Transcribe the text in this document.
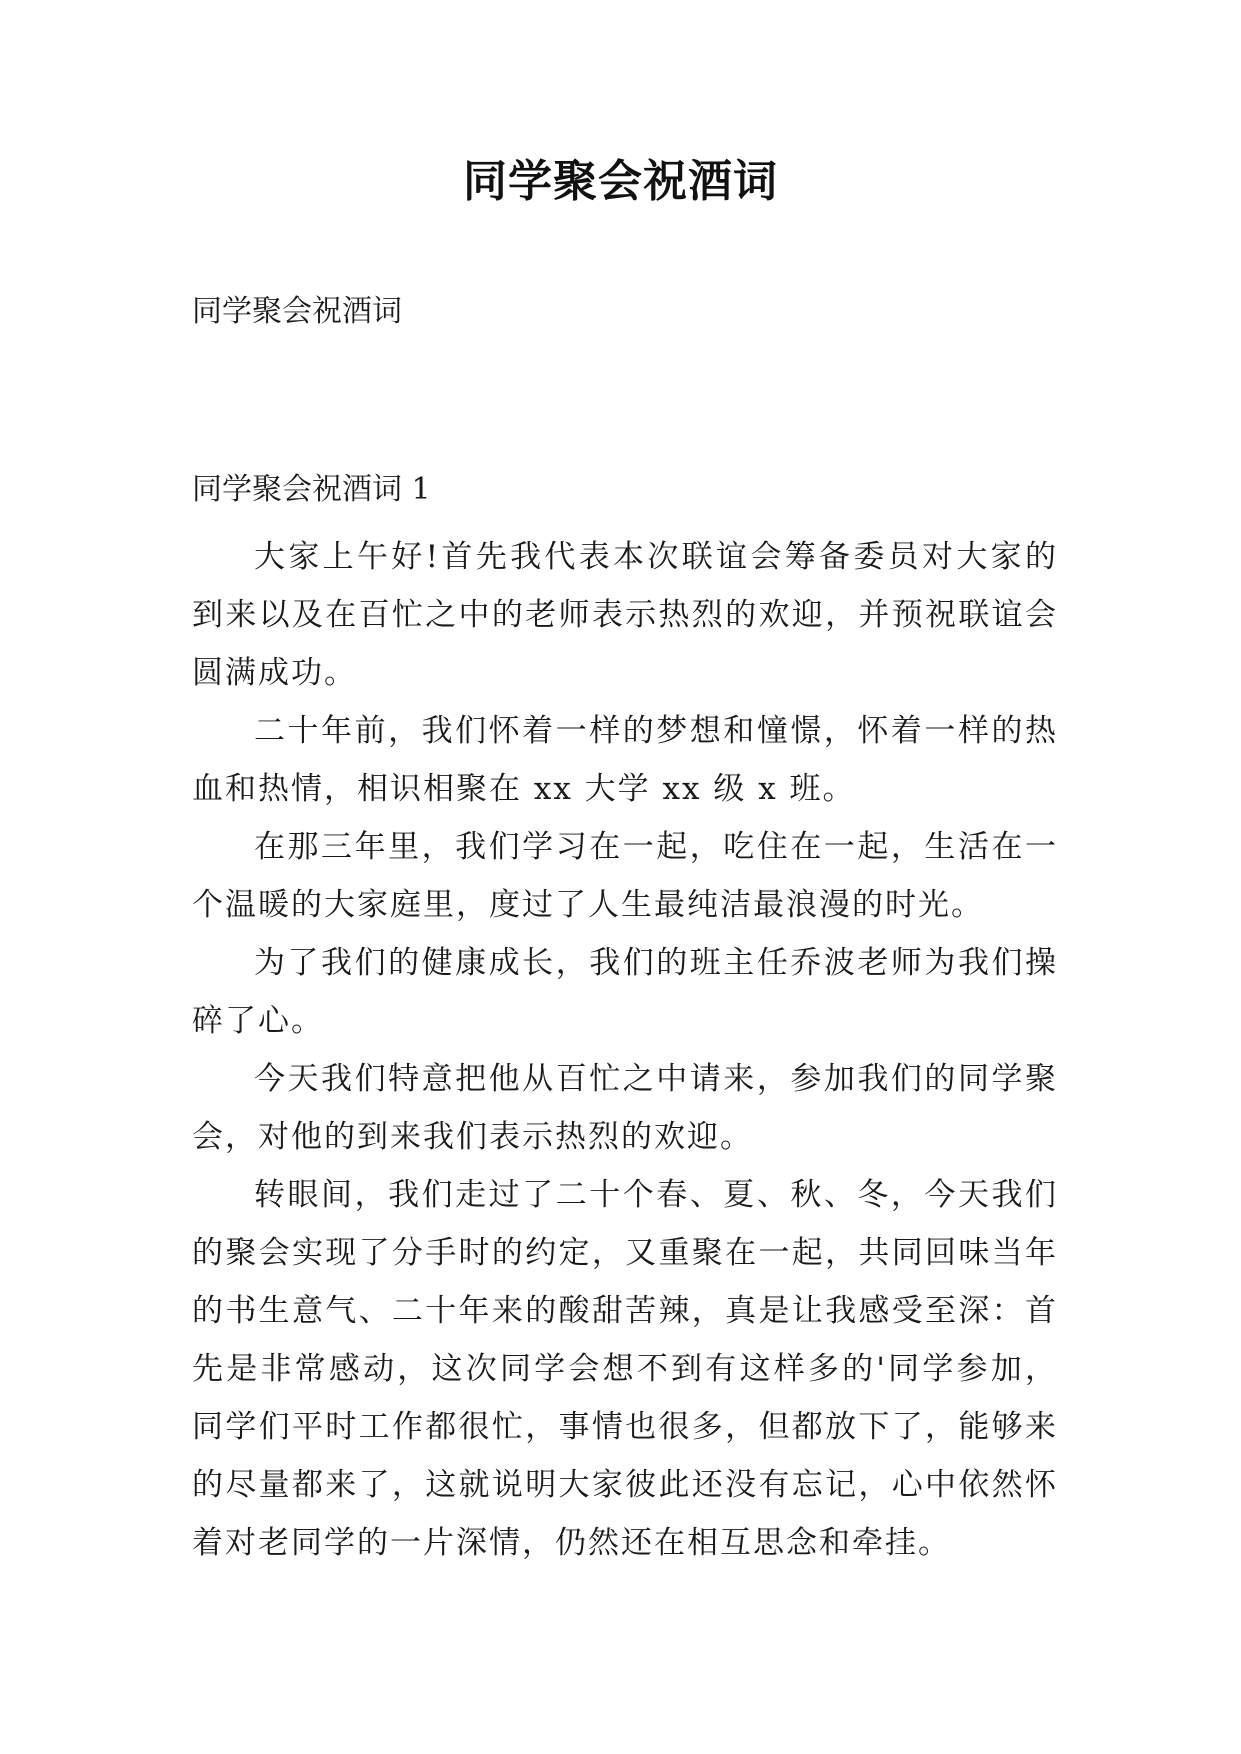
同学聚会祝酒词
同学聚会祝酒词
同学聚会祝酒词 1

大家上午好!首先我代表本次联谊会筹备委员对大家的到来以及在百忙之中的老师表示热烈的欢迎，并预祝联谊会圆满成功。

二十年前，我们怀着一样的梦想和憧憬，怀着一样的热血和热情，相识相聚在 xx 大学 xx 级 x 班。

在那三年里，我们学习在一起，吃住在一起，生活在一个温暖的大家庭里，度过了人生最纯洁最浪漫的时光。

为了我们的健康成长，我们的班主任乔波老师为我们操碎了心。

今天我们特意把他从百忙之中请来，参加我们的同学聚会，对他的到来我们表示热烈的欢迎。

转眼间，我们走过了二十个春、夏、秋、冬，今天我们的聚会实现了分手时的约定，又重聚在一起，共同回味当年的书生意气、二十年来的酸甜苦辣，真是让我感受至深：首先是非常感动，这次同学会想不到有这样多的'同学参加，同学们平时工作都很忙，事情也很多，但都放下了，能够来的尽量都来了，这就说明大家彼此还没有忘记，心中依然怀着对老同学的一片深情，仍然还在相互思念和牵挂。
